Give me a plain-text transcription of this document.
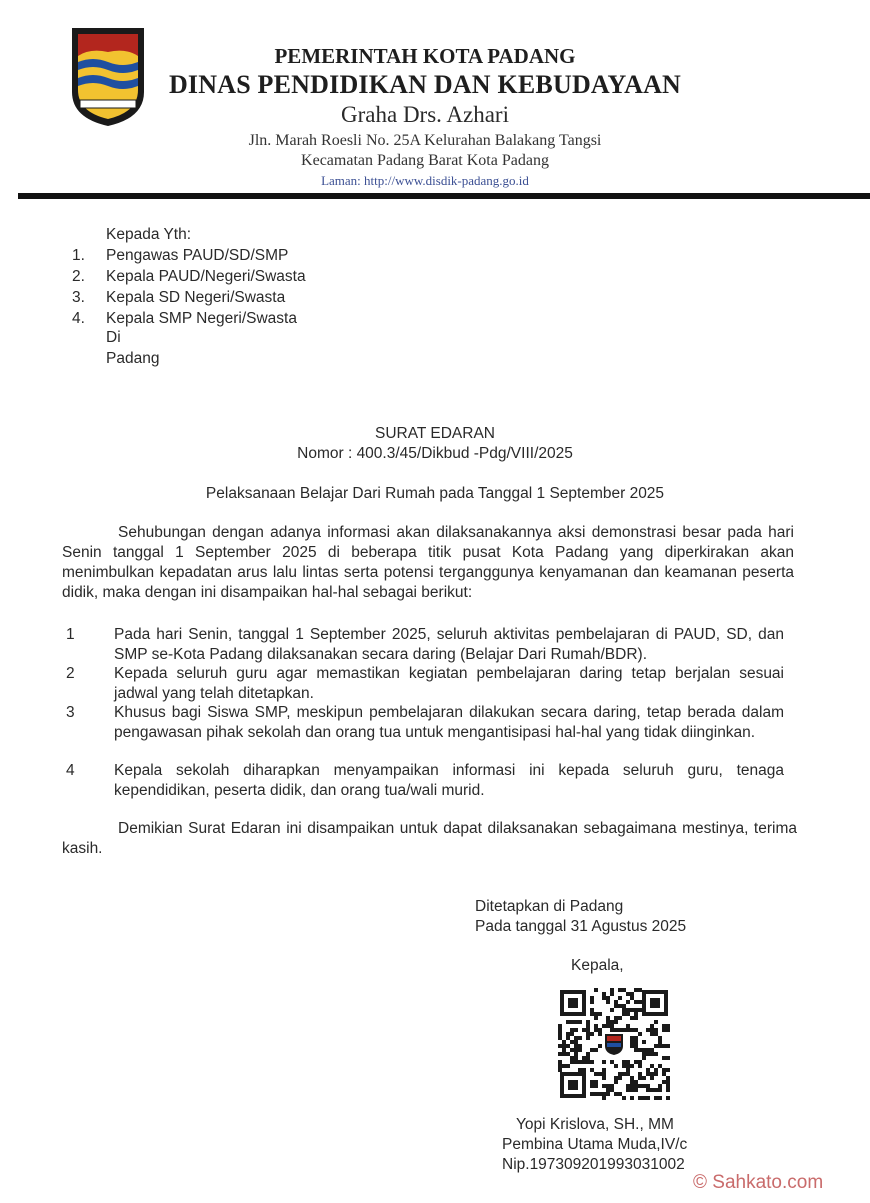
PEMERINTAH KOTA PADANG
DINAS PENDIDIKAN DAN KEBUDAYAAN
Graha Drs. Azhari
Jln. Marah Roesli No. 25A Kelurahan Balakang Tangsi
Kecamatan Padang Barat Kota Padang
Laman: http://www.disdik-padang.go.id
Kepada Yth:
1. Pengawas PAUD/SD/SMP
2. Kepala PAUD/Negeri/Swasta
3. Kepala SD Negeri/Swasta
4. Kepala SMP Negeri/Swasta
Di
Padang
SURAT EDARAN
Nomor : 400.3/45/Dikbud -Pdg/VIII/2025
Pelaksanaan Belajar Dari Rumah pada Tanggal 1 September 2025
Sehubungan dengan adanya informasi akan dilaksanakannya aksi demonstrasi besar pada hari Senin tanggal 1 September 2025 di beberapa titik pusat Kota Padang yang diperkirakan akan menimbulkan kepadatan arus lalu lintas serta potensi terganggunya kenyamanan dan keamanan peserta didik, maka dengan ini disampaikan hal-hal sebagai berikut:
1	Pada hari Senin, tanggal 1 September 2025, seluruh aktivitas pembelajaran di PAUD, SD, dan SMP se-Kota Padang dilaksanakan secara daring (Belajar Dari Rumah/BDR).
2	Kepada seluruh guru agar memastikan kegiatan pembelajaran daring tetap berjalan sesuai jadwal yang telah ditetapkan.
3	Khusus bagi Siswa SMP, meskipun pembelajaran dilakukan secara daring, tetap berada dalam pengawasan pihak sekolah dan orang tua untuk mengantisipasi hal-hal yang tidak diinginkan.
4	Kepala sekolah diharapkan menyampaikan informasi ini kepada seluruh guru, tenaga kependidikan, peserta didik, dan orang tua/wali murid.
Demikian Surat Edaran ini disampaikan untuk dapat dilaksanakan sebagaimana mestinya, terima kasih.
Ditetapkan di Padang
Pada tanggal 31 Agustus 2025
Kepala,
Yopi Krislova, SH., MM
Pembina Utama Muda,IV/c
Nip.197309201993031002
© Sahkato.com
